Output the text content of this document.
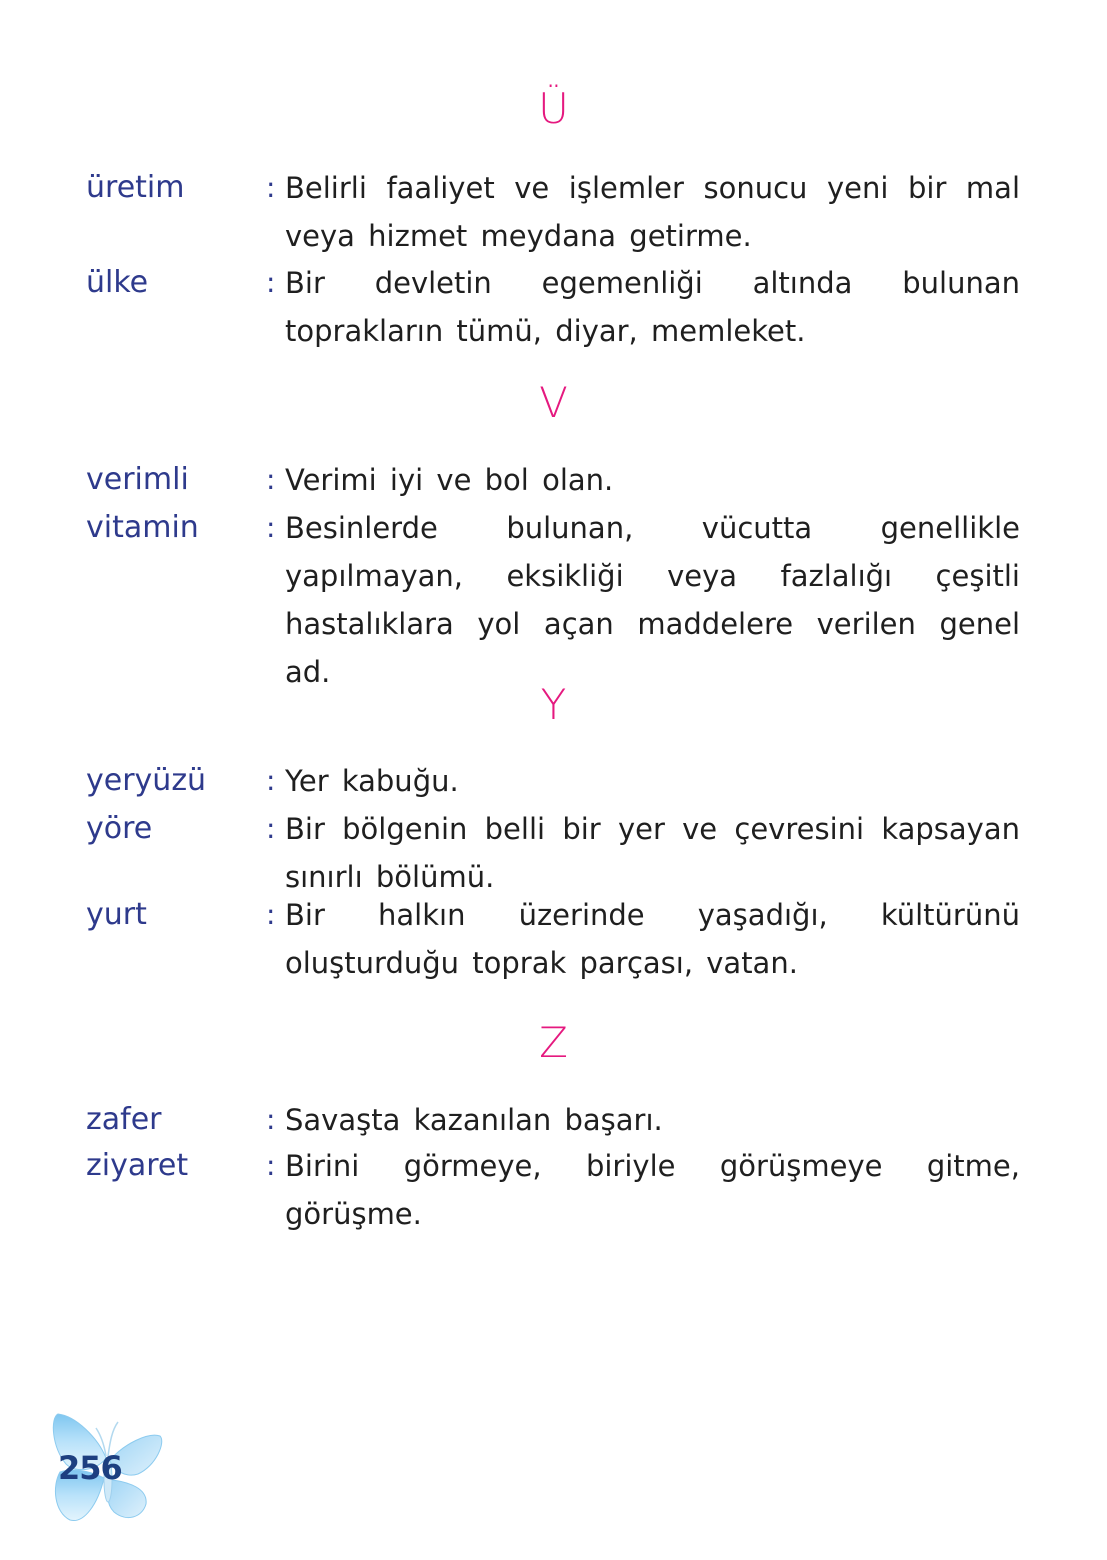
Ü
üretim	: Belirli faaliyet ve işlemler sonucu yeni bir mal veya hizmet meydana getirme.
ülke	: Bir devletin egemenliği altında bulunan toprakların tümü, diyar, memleket.
V
verimli	: Verimi iyi ve bol olan.
vitamin : Besinlerde bulunan, vücutta genellikle yapılmayan, eksikliği veya fazlalığı çeşitli hastalıklara yol açan maddelere verilen genel ad.
Y
yeryüzü : Yer kabuğu.
yöre	: Bir bölgenin belli bir yer ve çevresini kapsayan sınırlı bölümü.
yurt	: Bir halkın üzerinde yaşadığı, kültürünü oluşturduğu toprak parçası, vatan.
Z
zafer	: Savaşta kazanılan başarı.
ziyaret	: Birini görmeye, biriyle görüşmeye gitme, görüşme.
256
